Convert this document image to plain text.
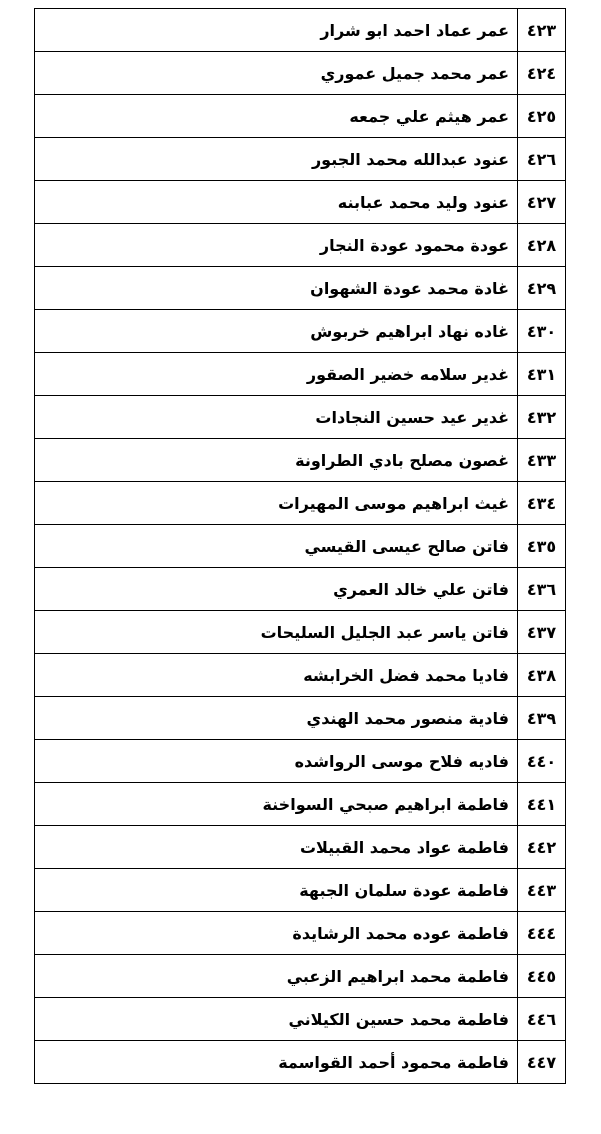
٤٢٣	عمر عماد احمد ابو شرار
٤٢٤	عمر محمد جميل عموري
٤٢٥	عمر هيثم علي جمعه
٤٢٦	عنود عبدالله محمد الجبور
٤٢٧	عنود وليد محمد عبابنه
٤٢٨	عودة محمود عودة النجار
٤٢٩	غادة محمد عودة الشهوان
٤٣٠	غاده نهاد ابراهيم خربوش
٤٣١	غدير سلامه خضير الصقور
٤٣٢	غدير عيد حسين النجادات
٤٣٣	غصون مصلح بادي الطراونة
٤٣٤	غيث ابراهيم موسى المهيرات
٤٣٥	فاتن صالح عيسى القيسي
٤٣٦	فاتن علي خالد العمري
٤٣٧	فاتن ياسر عبد الجليل السليحات
٤٣٨	فاديا محمد فضل الخرابشه
٤٣٩	فادية منصور محمد الهندي
٤٤٠	فاديه فلاح موسى الرواشده
٤٤١	فاطمة ابراهيم صبحي السواخنة
٤٤٢	فاطمة عواد محمد القبيلات
٤٤٣	فاطمة عودة سلمان الجبهة
٤٤٤	فاطمة عوده محمد الرشايدة
٤٤٥	فاطمة محمد ابراهيم الزعبي
٤٤٦	فاطمة محمد حسين الكيلاني
٤٤٧	فاطمة محمود أحمد القواسمة
